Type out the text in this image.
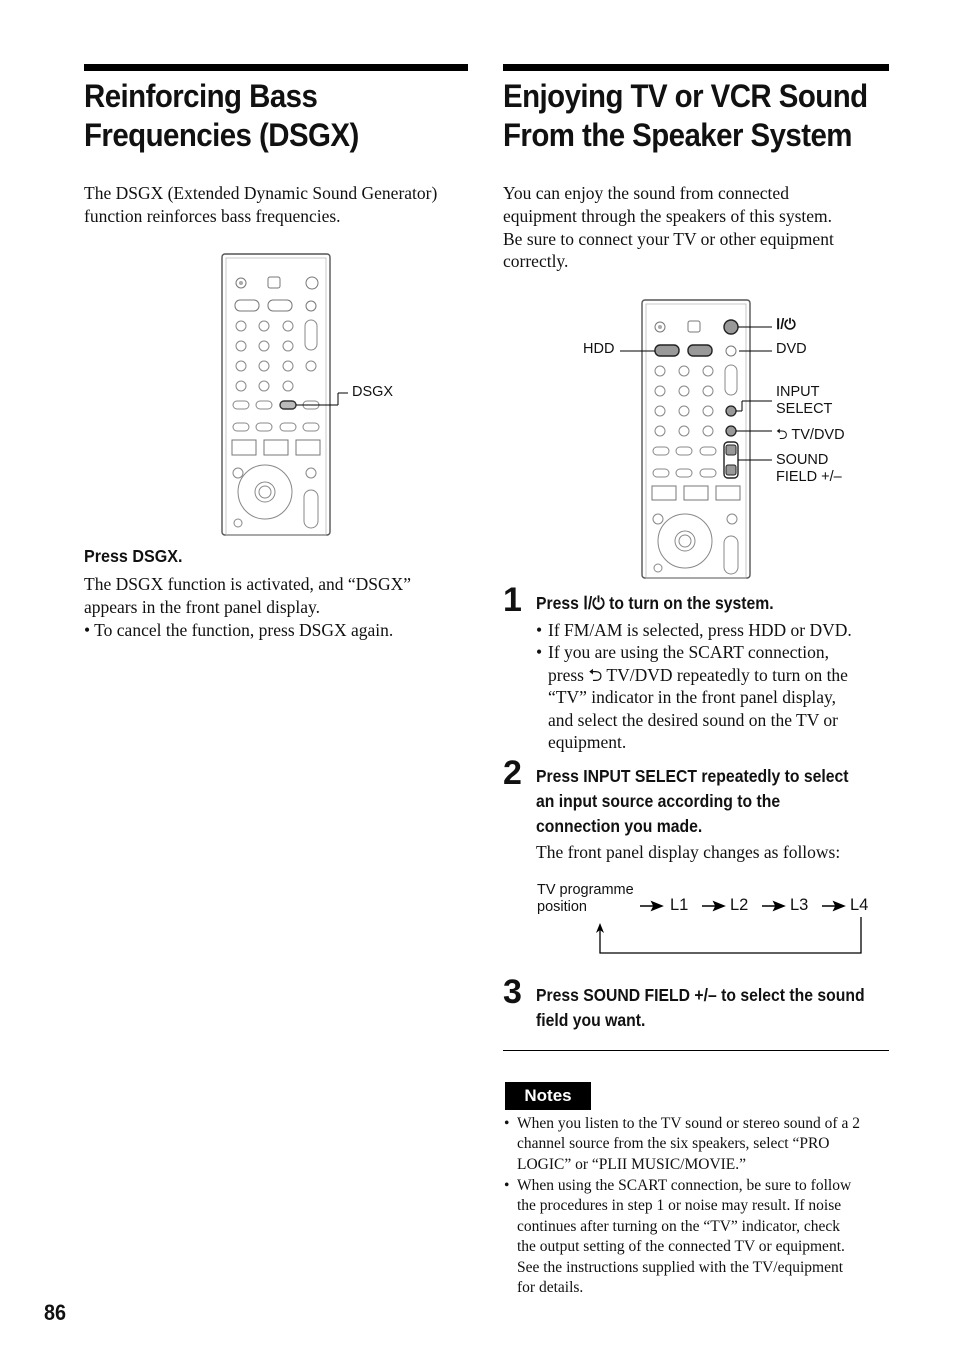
Reinforcing Bass
Frequencies (DSGX)

The DSGX (Extended Dynamic Sound Generator)
function reinforces bass frequencies.

DSGX
Press DSGX.

The DSGX function is activated, and “DSGX”
appears in the front panel display.
• To cancel the function, press DSGX again.

Enjoying TV or VCR Sound
From the Speaker System

You can enjoy the sound from connected
equipment through the speakers of this system.
Be sure to connect your TV or other equipment
correctly.

Ⅰ/⏻
HDD	DVD
INPUT
SELECT
⮌ TV/DVD
SOUND
FIELD +/–
1 Press Ⅰ/⏻ to turn on the system.
• If FM/AM is selected, press HDD or DVD.
• If you are using the SCART connection,
press ⮌ TV/DVD repeatedly to turn on the
“TV” indicator in the front panel display,
and select the desired sound on the TV or
equipment.
2 Press INPUT SELECT repeatedly to select
an input source according to the
connection you made.
The front panel display changes as follows:
TV programme
position	L1	L2	L3	L4
3 Press SOUND FIELD +/– to select the sound
field you want.
Notes
• When you listen to the TV sound or stereo sound of a 2
channel source from the six speakers, select “PRO
LOGIC” or “PLII MUSIC/MOVIE.”
• When using the SCART connection, be sure to follow
the procedures in step 1 or noise may result. If noise
continues after turning on the “TV” indicator, check
the output setting of the connected TV or equipment.
See the instructions supplied with the TV/equipment
for details.
86
